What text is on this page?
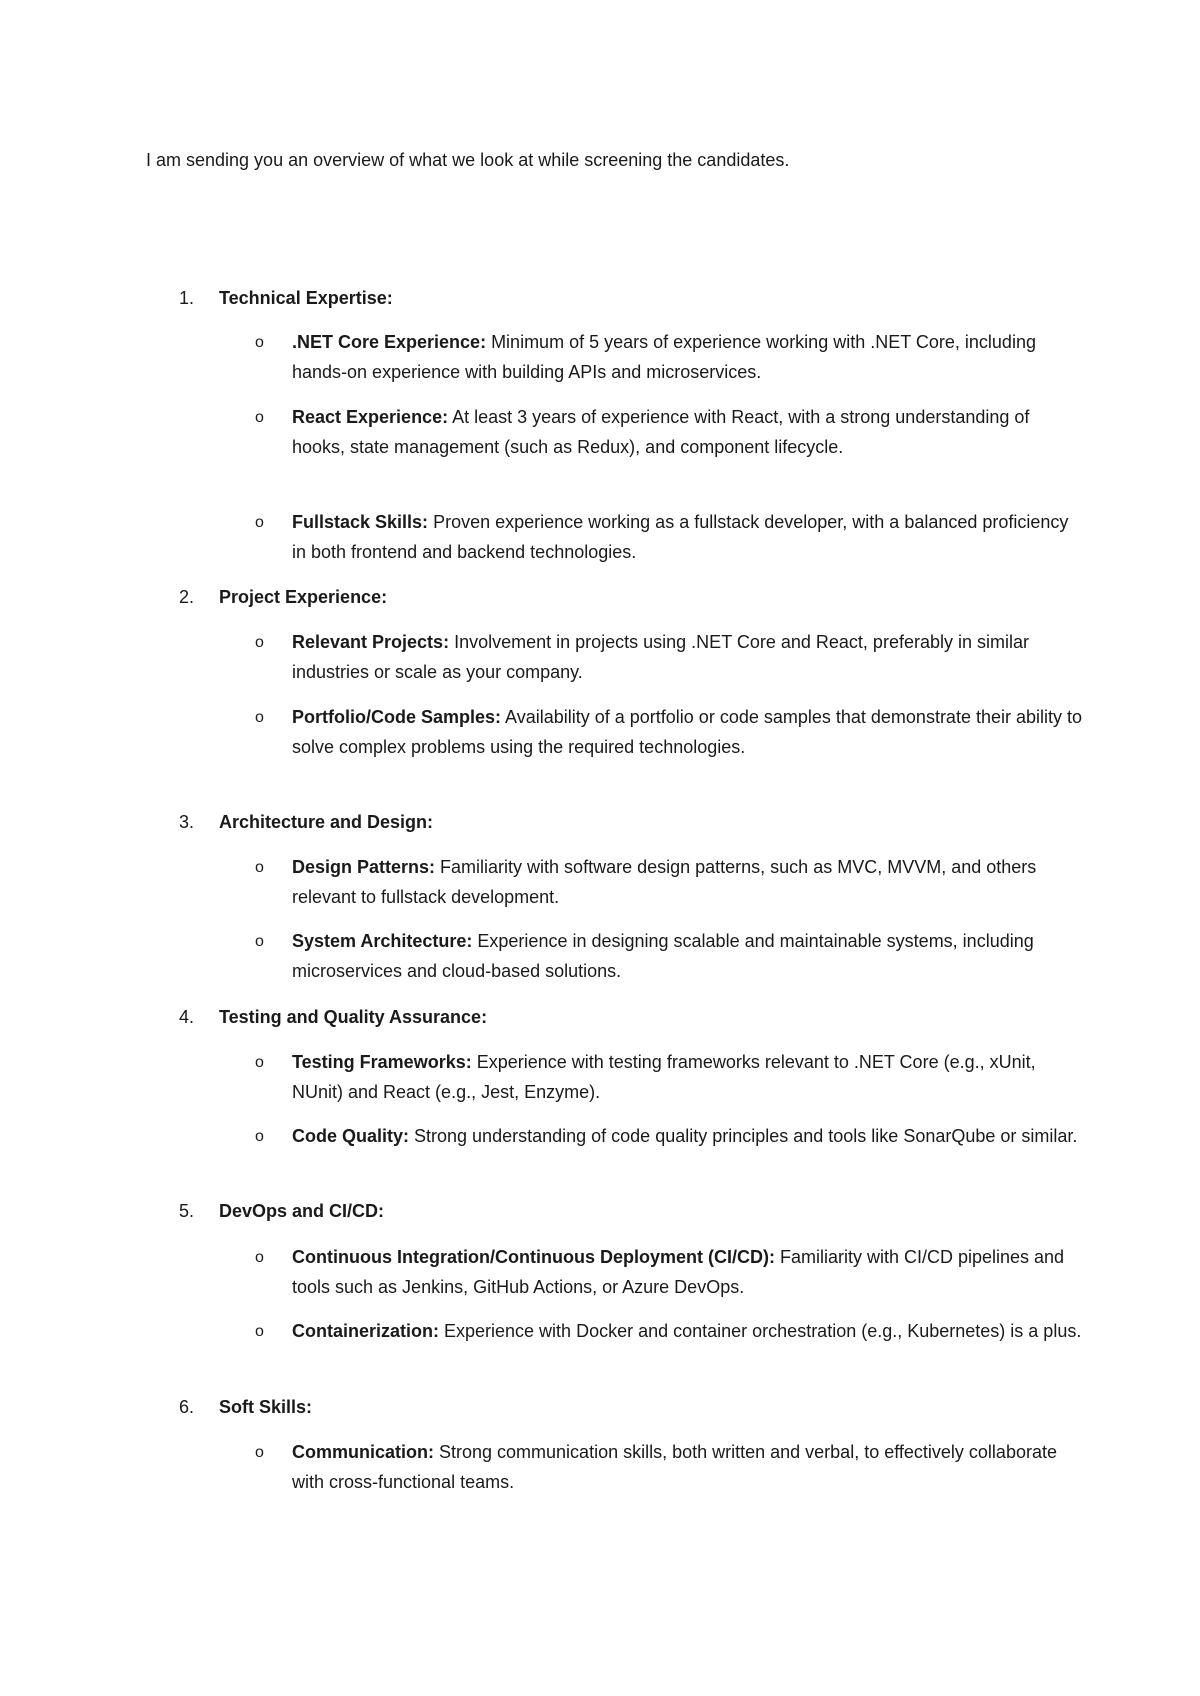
I am sending you an overview of what we look at while screening the candidates.
1. Technical Expertise:
o .NET Core Experience: Minimum of 5 years of experience working with .NET Core, including hands-on experience with building APIs and microservices.
o React Experience: At least 3 years of experience with React, with a strong understanding of hooks, state management (such as Redux), and component lifecycle.
o Fullstack Skills: Proven experience working as a fullstack developer, with a balanced proficiency in both frontend and backend technologies.
2. Project Experience:
o Relevant Projects: Involvement in projects using .NET Core and React, preferably in similar industries or scale as your company.
o Portfolio/Code Samples: Availability of a portfolio or code samples that demonstrate their ability to solve complex problems using the required technologies.
3. Architecture and Design:
o Design Patterns: Familiarity with software design patterns, such as MVC, MVVM, and others relevant to fullstack development.
o System Architecture: Experience in designing scalable and maintainable systems, including microservices and cloud-based solutions.
4. Testing and Quality Assurance:
o Testing Frameworks: Experience with testing frameworks relevant to .NET Core (e.g., xUnit, NUnit) and React (e.g., Jest, Enzyme).
o Code Quality: Strong understanding of code quality principles and tools like SonarQube or similar.
5. DevOps and CI/CD:
o Continuous Integration/Continuous Deployment (CI/CD): Familiarity with CI/CD pipelines and tools such as Jenkins, GitHub Actions, or Azure DevOps.
o Containerization: Experience with Docker and container orchestration (e.g., Kubernetes) is a plus.
6. Soft Skills:
o Communication: Strong communication skills, both written and verbal, to effectively collaborate with cross-functional teams.
